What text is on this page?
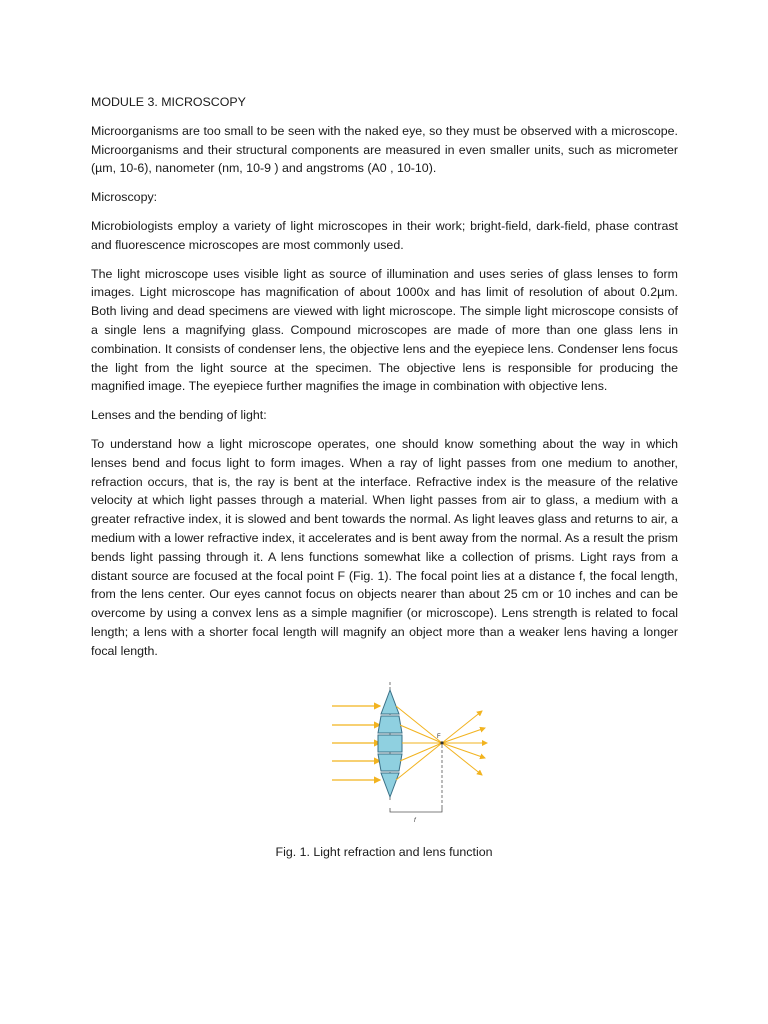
MODULE 3. MICROSCOPY

Microorganisms are too small to be seen with the naked eye, so they must be observed with a microscope. Microorganisms and their structural components are measured in even smaller units, such as micrometer (µm, 10-6), nanometer (nm, 10-9 ) and angstroms (A0 , 10-10).

Microscopy:

Microbiologists employ a variety of light microscopes in their work; bright-field, dark-field, phase contrast and fluorescence microscopes are most commonly used.

The light microscope uses visible light as source of illumination and uses series of glass lenses to form images. Light microscope has magnification of about 1000x and has limit of resolution of about 0.2µm. Both living and dead specimens are viewed with light microscope. The simple light microscope consists of a single lens a magnifying glass. Compound microscopes are made of more than one glass lens in combination. It consists of condenser lens, the objective lens and the eyepiece lens. Condenser lens focus the light from the light source at the specimen. The objective lens is responsible for producing the magnified image. The eyepiece further magnifies the image in combination with objective lens.

Lenses and the bending of light:

To understand how a light microscope operates, one should know something about the way in which lenses bend and focus light to form images. When a ray of light passes from one medium to another, refraction occurs, that is, the ray is bent at the interface. Refractive index is the measure of the relative velocity at which light passes through a material. When light passes from air to glass, a medium with a greater refractive index, it is slowed and bent towards the normal. As light leaves glass and returns to air, a medium with a lower refractive index, it accelerates and is bent away from the normal. As a result the prism bends light passing through it. A lens functions somewhat like a collection of prisms. Light rays from a distant source are focused at the focal point F (Fig. 1). The focal point lies at a distance f, the focal length, from the lens center. Our eyes cannot focus on objects nearer than about 25 cm or 10 inches and can be overcome by using a convex lens as a simple magnifier (or microscope). Lens strength is related to focal length; a lens with a shorter focal length will magnify an object more than a weaker lens having a longer focal length.

F
f
Fig. 1. Light refraction and lens function
